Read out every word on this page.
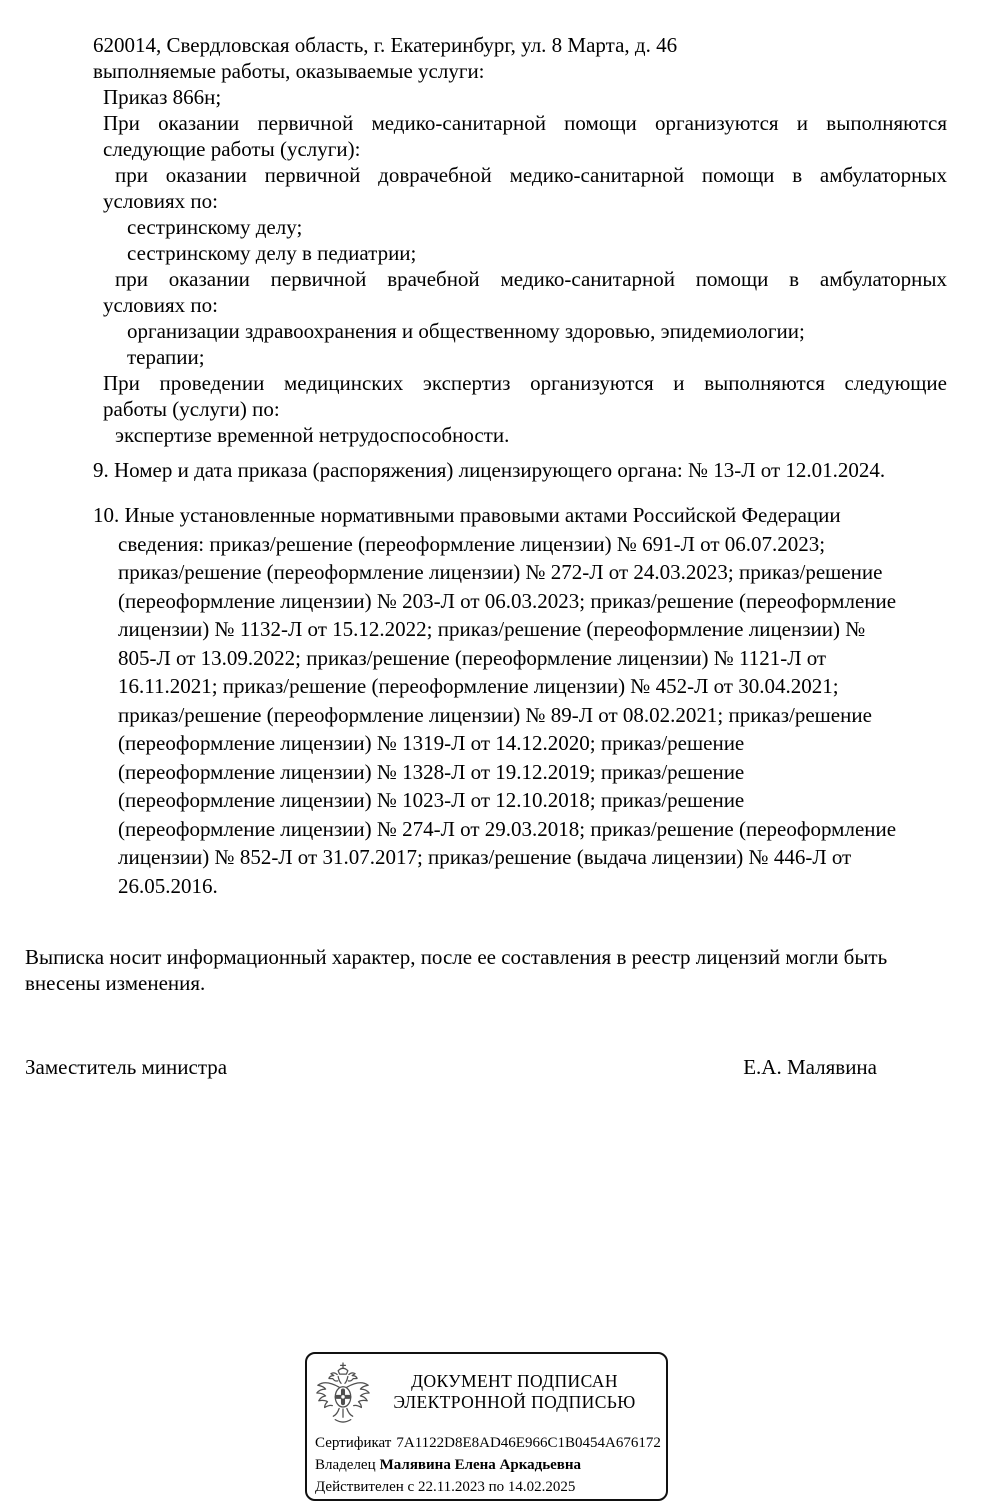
620014, Свердловская область, г. Екатеринбург, ул. 8 Марта, д. 46
выполняемые работы, оказываемые услуги:
Приказ 866н;
При оказании первичной медико-санитарной помощи организуются и выполняются
следующие работы (услуги):
при оказании первичной доврачебной медико-санитарной помощи в амбулаторных
условиях по:
сестринскому делу;
сестринскому делу в педиатрии;
при оказании первичной врачебной медико-санитарной помощи в амбулаторных
условиях по:
организации здравоохранения и общественному здоровью, эпидемиологии;
терапии;
При проведении медицинских экспертиз организуются и выполняются следующие
работы (услуги) по:
экспертизе временной нетрудоспособности.
9. Номер и дата приказа (распоряжения) лицензирующего органа: № 13-Л от 12.01.2024.
10. Иные установленные нормативными правовыми актами Российской Федерации
сведения: приказ/решение (переоформление лицензии) № 691-Л от 06.07.2023;
приказ/решение (переоформление лицензии) № 272-Л от 24.03.2023; приказ/решение
(переоформление лицензии) № 203-Л от 06.03.2023; приказ/решение (переоформление
лицензии) № 1132-Л от 15.12.2022; приказ/решение (переоформление лицензии) №
805-Л от 13.09.2022; приказ/решение (переоформление лицензии) № 1121-Л от
16.11.2021; приказ/решение (переоформление лицензии) № 452-Л от 30.04.2021;
приказ/решение (переоформление лицензии) № 89-Л от 08.02.2021; приказ/решение
(переоформление лицензии) № 1319-Л от 14.12.2020; приказ/решение
(переоформление лицензии) № 1328-Л от 19.12.2019; приказ/решение
(переоформление лицензии) № 1023-Л от 12.10.2018; приказ/решение
(переоформление лицензии) № 274-Л от 29.03.2018; приказ/решение (переоформление
лицензии) № 852-Л от 31.07.2017; приказ/решение (выдача лицензии) № 446-Л от
26.05.2016.
Выписка носит информационный характер, после ее составления в реестр лицензий могли быть
внесены изменения.
Заместитель министра	Е.А. Малявина
ДОКУМЕНТ ПОДПИСАН
ЭЛЕКТРОННОЙ ПОДПИСЬЮ
Сертификат 7A1122D8E8AD46E966C1B0454A676172
Владелец Малявина Елена Аркадьевна
Действителен с 22.11.2023 по 14.02.2025
